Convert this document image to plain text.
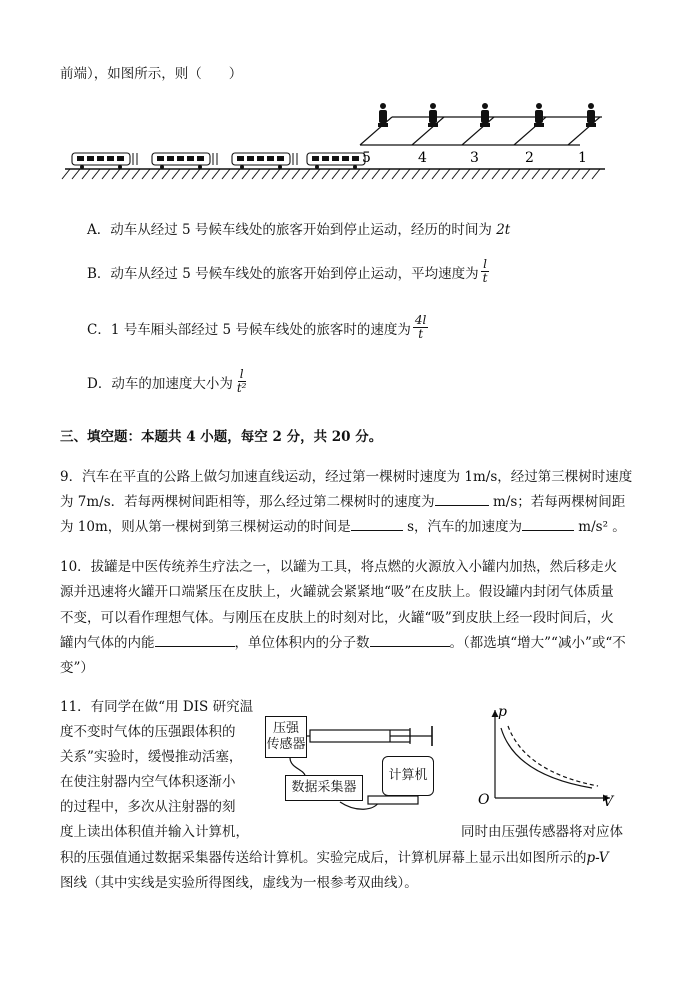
前端），如图所示，则（　　）
5	4	3	2	1
A．动车从经过 5 号候车线处的旅客开始到停止运动，经历的时间为 2t
B．动车从经过 5 号候车线处的旅客开始到停止运动，平均速度为 $\frac{l}{t}$
C．1 号车厢头部经过 5 号候车线处的旅客时的速度为 $\frac{4l}{t}$
D．动车的加速度大小为 $\frac{l}{\text{t²}}$
三、填空题：本题共 4 小题，每空 2 分，共 20 分。
9．汽车在平直的公路上做匀加速直线运动，经过第一棵树时速度为 1m/s，经过第三棵树时速度
为 7m/s．若每两棵树间距相等，那么经过第二棵树时的速度为	m/s；若每两棵树间距
为 10m，则从第一棵树到第三棵树运动的时间是	s，汽车的加速度为	m/s² 。
10．拔罐是中医传统养生疗法之一，以罐为工具，将点燃的火源放入小罐内加热，然后移走火
源并迅速将火罐开口端紧压在皮肤上，火罐就会紧紧地“吸”在皮肤上。假设罐内封闭气体质量
不变，可以看作理想气体。与刚压在皮肤上的时刻对比，火罐“吸”到皮肤上经一段时间后，火
罐内气体的内能	，单位体积内的分子数	。（都选填“增大”“减小”或“不
变”）
11．有同学在做“用 DIS 研究温
度不变时气体的压强跟体积的
关系”实验时，缓慢推动活塞，
在使注射器内空气体积逐渐小
的过程中，多次从注射器的刻
度上读出体积值并输入计算机，	同时由压强传感器将对应体
积的压强值通过数据采集器传送给计算机。实验完成后，计算机屏幕上显示出如图所示的p-V
图线（其中实线是实验所得图线，虚线为一根参考双曲线）。
压强
传感器
数据采集器
计算机
p
V
O
